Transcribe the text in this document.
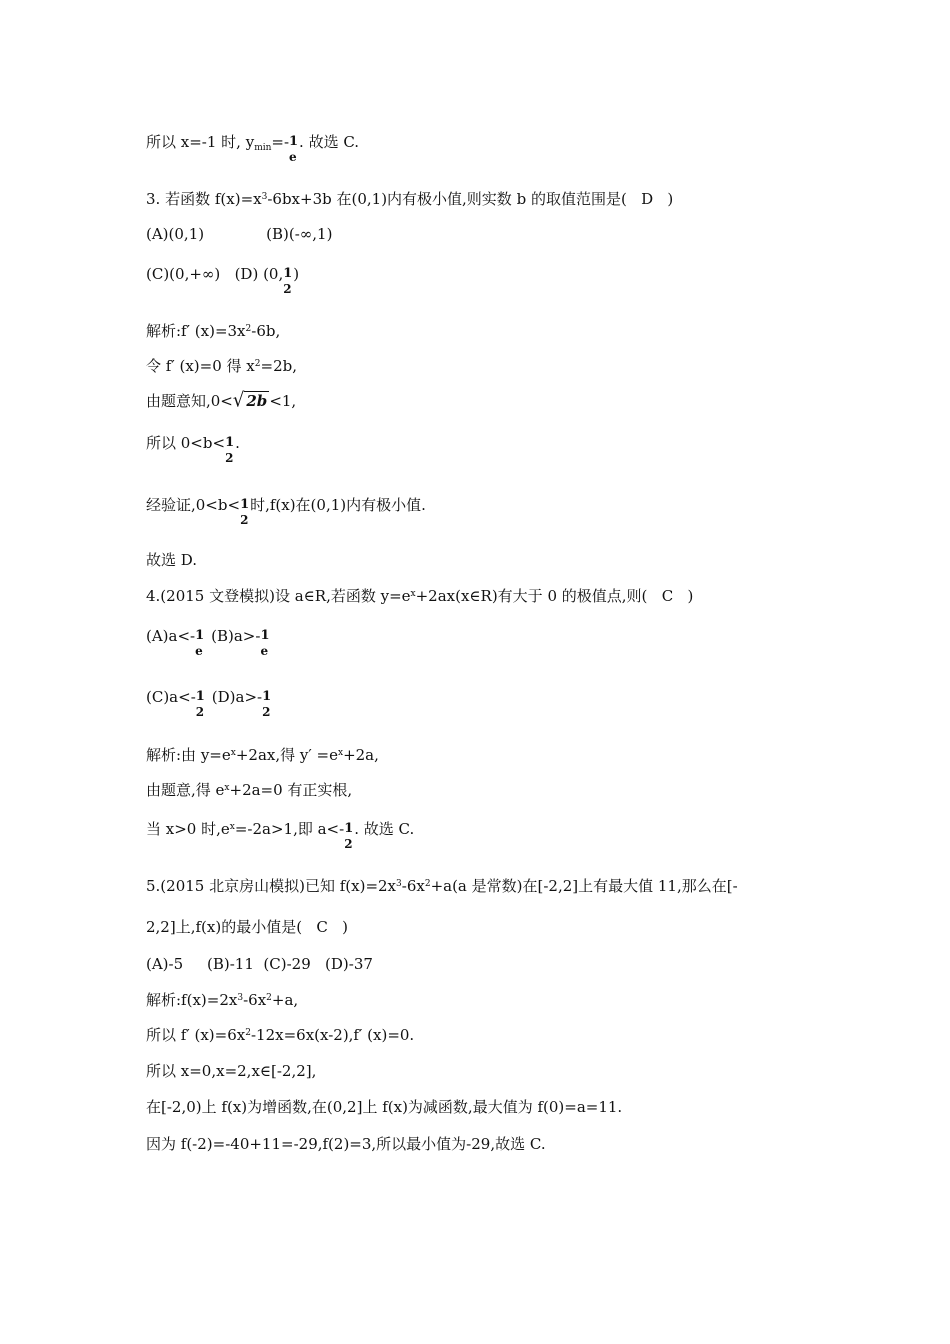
所以 x=-1 时, $y_{min}=-$ 1
e
. 故选 C.
3. 若函数 $f(x)=x^3-6bx+3b$ 在(0,1)内有极小值,则实数 b 的取值范围是(   D   )
(A)(0,1)	(B)(-∞,1)
(C)(0,+∞)   (D) (0, 1
2
)
解析:f′ $(x)=3x^2-6b$,
令 f′ (x)=0 得 $x^2=2b$,
由题意知,0<√ 2b <1,
所以 0<b< 1
2
.
经验证,0<b< 1
2
时,f(x)在(0,1)内有极小值.
故选 D.
4.(2015 文登模拟)设 a∈R,若函数 $y=e^x+2ax(x\in R)$有大于 0 的极值点,则(   C   )
(A)a<- 1
e
(B)a>- 1
e
(C)a<- 1
2
(D)a>- 1
2
解析:由 $y=e^x+2ax$,得 $y' =e^x+2a$,
由题意,得 $e^x+2a=0$ 有正实根,
当 x>0 时$,e^x=-2a>1$,即 a<- 1
2
. 故选 C.
5.(2015 北京房山模拟)已知 $f(x)=2x^3-6x^2+a(a$ 是常数)在[-2,2]上有最大值 11,那么在[-
2,2]上,f(x)的最小值是(   C   )
(A)-5     (B)-11  (C)-29   (D)-37
解析$:f(x)=2x^3-6x^2+a$,
所以 f′ $(x)=6x^2-12x=6x(x-2),f'$ (x)=0.
所以 x=0,x=2,x∈[-2,2],
在[-2,0)上 f(x)为增函数,在(0,2]上 f(x)为减函数,最大值为 f(0)=a=11.
因为 f(-2)=-40+11=-29,f(2)=3,所以最小值为-29,故选 C.
